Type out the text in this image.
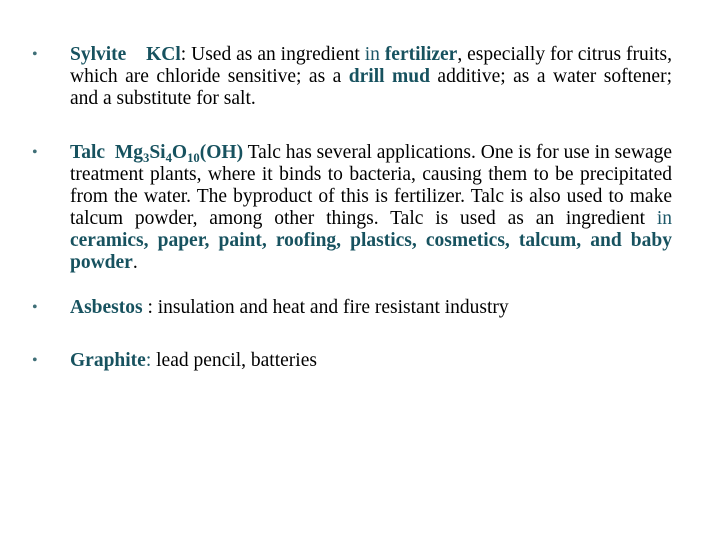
• Sylvite KCl: Used as an ingredient in fertilizer, especially for citrus fruits, which are chloride sensitive; as a drill mud additive; as a water softener; and a substitute for salt.
• Talc $Mg_3Si_4O_{10}(OH)$ Talc has several applications. One is for use in sewage treatment plants, where it binds to bacteria, causing them to be precipitated from the water. The byproduct of this is fertilizer. Talc is also used to make talcum powder, among other things. Talc is used as an ingredient in ceramics, paper, paint, roofing, plastics, cosmetics, talcum, and baby powder.
• Asbestos : insulation and heat and fire resistant industry
• Graphite: lead pencil, batteries
